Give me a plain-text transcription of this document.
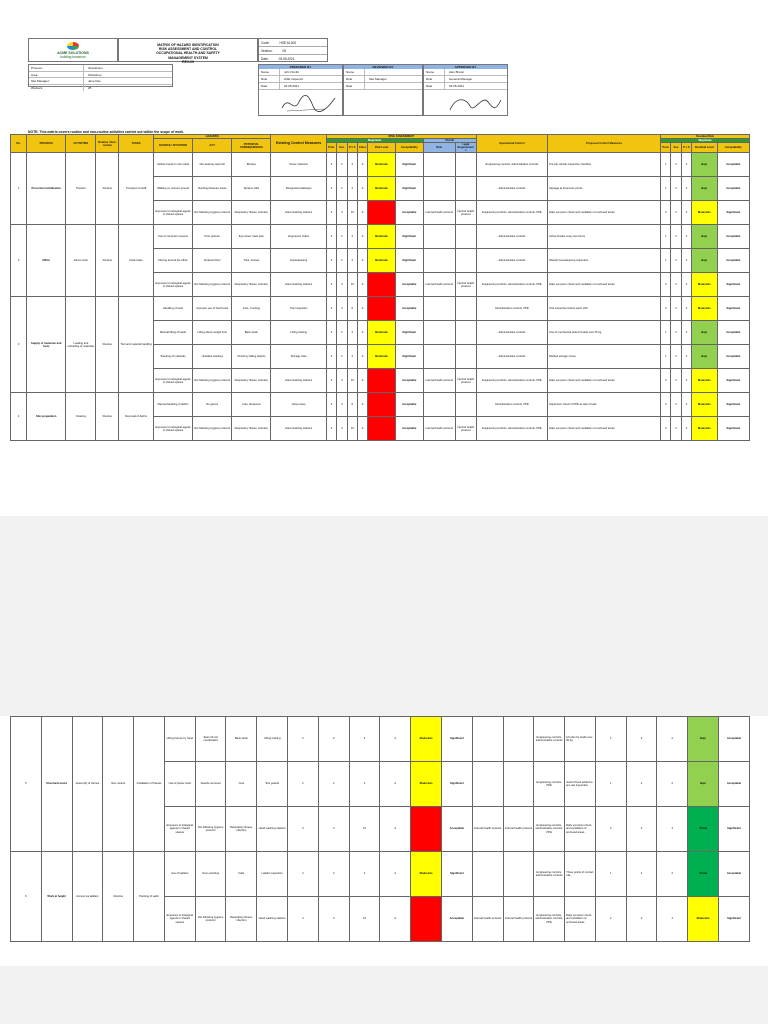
ACME SOLUTIONS
building tomorrow
MATRIX OF HAZARD IDENTIFICATION
RISK ASSESSMENT AND CONTROL
OCCUPATIONAL HEALTH AND SAFETY
MANAGEMENT SYSTEM
REV-09
Code:	HSE-M-002
Version:	05
Date:	03.05.2021
Process:	Operations
Area:	Workshop
Site Manager:	Jane Doe
Workers:	25
PREPARED BY
Name	John Smith
Role	HSE Inspector
Date	03.05.2021
REVIEWED BY
Name
Role	Site Manager
Date
APPROVED BY
Name	Alex Brown
Role	General Manager
Date	03.05.2021
NOTE: This matrix covers routine and non-routine activities carried out within the scope of work.
No.	PROCESS	ACTIVITIES	Routine / Non-routine	TASKS	HAZARDS			Existing Control Measures	RISK ASSESSMENT								Operational Control	Proposed Control Measures	Residual Risk				
					SOURCE / SITUATION	ACT	POTENTIAL CONSEQUENCES		Magnitude						VALUE				Magnitude				
									Prob.	Sev.	P x S	Class	Risk Level	Acceptability	Risk	Legal Requirements			Prob.	Sev.	P x S	Residual Level	Acceptability
1	Personnel mobilization	Transfer	Routine	Transport of staff	Vehicle travel on site roads	Not wearing seat belt	Bruises	Driver induction	2	2	4	A	Moderado	Significant			Engineering controls, administrative controls	Pre-trip vehicle inspection checklist	1	2	2	Bajo	Acceptable
					Walking on uneven ground	Rushing between areas	Sprains, falls	Designated walkways	2	2	4	A	Moderado	Significant			Administrative controls	Signage at all access points	1	2	2	Bajo	Acceptable
					Exposure to biological agents in shared spaces	Not following hygiene protocol	Respiratory illness, infection	Hand washing stations	4	4	16	A	Critico	Acceptable	Internal health protocol	Internal health protocol	Engineering controls, administrative controls, PPE	Daily symptom check and ventilation of enclosed areas	2	2	4	Moderado	Significant
2	Office	Admin work	Routine	Desk tasks	Use of computer screens	Poor posture	Eye strain, back pain	Ergonomic chairs	2	2	4	A	Moderado	Significant			Administrative controls	Active breaks every two hours	1	2	2	Bajo	Acceptable
					Moving around the office	Cluttered floor	Trips, bruises	Housekeeping	2	2	4	A	Moderado	Significant			Administrative controls	Weekly housekeeping inspection	1	2	2	Bajo	Acceptable
					Exposure to biological agents in shared spaces	Not following hygiene protocol	Respiratory illness, infection	Hand washing stations	4	4	16	A	Critico	Acceptable	Internal health protocol	Internal health protocol	Engineering controls, administrative controls, PPE	Daily symptom check and ventilation of enclosed areas	2	2	4	Moderado	Significant
3	Supply of materials and tools	Loading and unloading of materials	Routine	Tool and material handling	Handling of tools	Improper use of hand tools	Cuts, crushing	Tool inspection	2	4	8	A	Critico	Acceptable			Administrative controls, PPE	Tool inspection before each shift	2	2	4	Moderado	Significant
					Manual lifting of loads	Lifting above weight limit	Back strain	Lifting training	2	2	4	A	Moderado	Significant			Administrative controls	Use of mechanical aids for loads over 25 kg	1	2	2	Bajo	Acceptable
					Stacking of materials	Unstable stacking	Struck by falling objects	Storage rules	2	2	4	A	Moderado	Significant			Administrative controls	Marked storage zones	1	2	2	Bajo	Acceptable
					Exposure to biological agents in shared spaces	Not following hygiene protocol	Respiratory illness, infection	Hand washing stations	4	4	16	A	Critico	Acceptable	Internal health protocol	Internal health protocol	Engineering controls, administrative controls, PPE	Daily symptom check and ventilation of enclosed areas	2	2	4	Moderado	Significant
4	Site preparation	Clearing	Routine	Removal of debris	Manual handling of debris	No gloves	Cuts, abrasions	Glove issue	2	4	8	A	Critico	Acceptable			Administrative controls, PPE	Supervisor check of PPE at start of task	2	2	4	Moderado	Significant
					Exposure to biological agents in shared spaces	Not following hygiene protocol	Respiratory illness, infection	Hand washing stations	4	4	16	A	Critico	Acceptable	Internal health protocol	Internal health protocol	Engineering controls, administrative controls, PPE	Daily symptom check and ventilation of enclosed areas	2	2	4	Moderado	Significant
5	Structural works	Assembly of frames	Non-routine	Installation of frames	Lifting frames by hand	Team lift not coordinated	Back strain	Lifting training	2	2	4	A	Moderado	Significant			Engineering controls, administrative controls	Lift plan for loads over 25 kg	1	2	2	Bajo	Acceptable
					Use of power tools	Guards removed	Cuts	Tool guards	2	2	4	A	Moderado	Significant			Engineering controls, PPE	Guard check added to pre-use inspection	1	2	2	Bajo	Acceptable
					Exposure to biological agents in shared spaces	Not following hygiene protocol	Respiratory illness, infection	Hand washing stations	4	4	16	A	Critico	Acceptable	Internal health protocol	Internal health protocol	Engineering controls, administrative controls, PPE	Daily symptom check and ventilation of enclosed areas	2	2	4	Trivial	Significant
6	Work at height	Access via ladders	Routine	Painting of walls	Use of ladders	Over-reaching	Falls	Ladder inspection	2	2	4	A	Moderado	Significant			Engineering controls, administrative controls	Three points of contact rule	1	2	2	Trivial	Acceptable
					Exposure to biological agents in shared spaces	Not following hygiene protocol	Respiratory illness, infection	Hand washing stations	4	4	16	A	Critico	Acceptable	Internal health protocol	Internal health protocol	Engineering controls, administrative controls, PPE	Daily symptom check and ventilation of enclosed areas	2	2	4	Moderado	Significant
